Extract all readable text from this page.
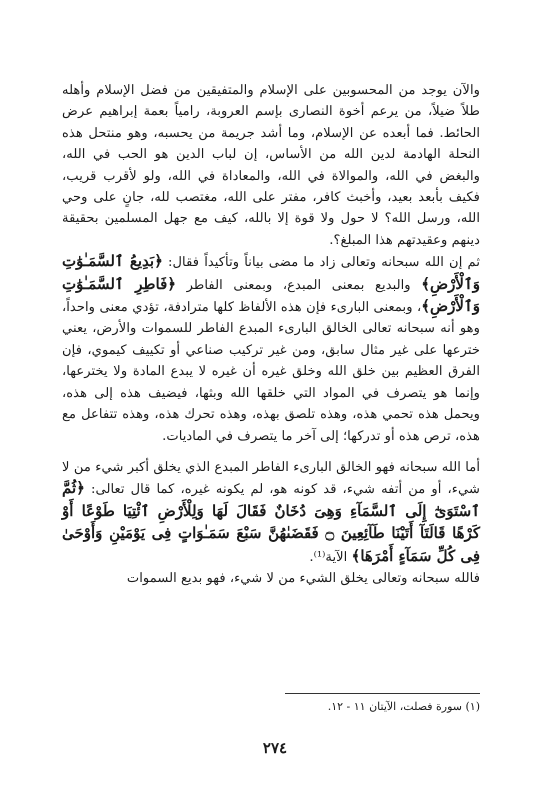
والآن يوجد من المحسوبين على الإسلام والمتفيقين من فضل الإسلام وأهله طلاً ضيلاً، من يرعم أخوة النصارى بإسم العروبة، رامياً بعمة إبراهيم عرض الحائط. فما أبعده عن الإسلام، وما أشد جريمة من يحسبه، وهو منتحل هذه النحلة الهادمة لدين الله من الأساس، إن لباب الدين هو الحب في الله، والبغض في الله، والموالاة في الله، والمعاداة في الله، ولو لأقرب قريب، فكيف بأبعد بعيد، وأخبث كافر، مفتر على الله، مغتصب لله، جانٍ على وحي الله، ورسل الله؟ لا حول ولا قوة إلا بالله، كيف مع جهل المسلمين بحقيقة دينهم وعقيدتهم هذا المبلغ؟.

ثم إن الله سبحانه وتعالى زاد ما مضى بياناً وتأكيداً فقال: ﴿بَدِيعُ ٱلسَّمَـٰوَٰتِ وَٱلْأَرْضِ﴾ والبديع بمعنى المبدع، وبمعنى الفاطر ﴿فَاطِرِ ٱلسَّمَـٰوَٰتِ وَٱلْأَرْضِ﴾، وبمعنى البارىء فإن هذه الألفاظ كلها مترادفة، تؤدي معنى واحداً، وهو أنه سبحانه تعالى الخالق البارىء المبدع الفاطر للسموات والأرض، يعني خترعها على غير مثال سابق، ومن غير تركيب صناعي أو تكييف كيموي، فإن الفرق العظيم بين خلق الله وخلق غيره أن غيره لا يبدع المادة ولا يخترعها، وإنما هو يتصرف في المواد التي خلقها الله وبثها، فيضيف هذه إلى هذه، ويحمل هذه تحمي هذه، وهذه تلصق بهذه، وهذه تحرك هذه، وهذه تتفاعل مع هذه، ترص هذه أو تدركها؛ إلى آخر ما يتصرف في الماديات.

أما الله سبحانه فهو الخالق البارىء الفاطر المبدع الذي يخلق أكبر شيء من لا شيء، أو من أتفه شيء، قد كونه هو، لم يكونه غيره، كما قال تعالى: ﴿ثُمَّ ٱسْتَوَىٰٓ إِلَى ٱلسَّمَآءِ وَهِىَ دُخَانٌ فَقَالَ لَهَا وَلِلْأَرْضِ ٱئْتِيَا طَوْعًا أَوْ كَرْهًا قَالَتَآ أَتَيْنَا طَآئِعِينَ ۝ فَقَضَىٰهُنَّ سَبْعَ سَمَـٰوَاتٍ فِى يَوْمَيْنِ وَأَوْحَىٰ فِى كُلِّ سَمَآءٍ أَمْرَهَا﴾ الآية⁽¹⁾.

فالله سبحانه وتعالى يخلق الشيء من لا شيء، فهو بديع السموات

(١) سورة فصلت، الآيتان ١١ - ١٢.
٢٧٤
